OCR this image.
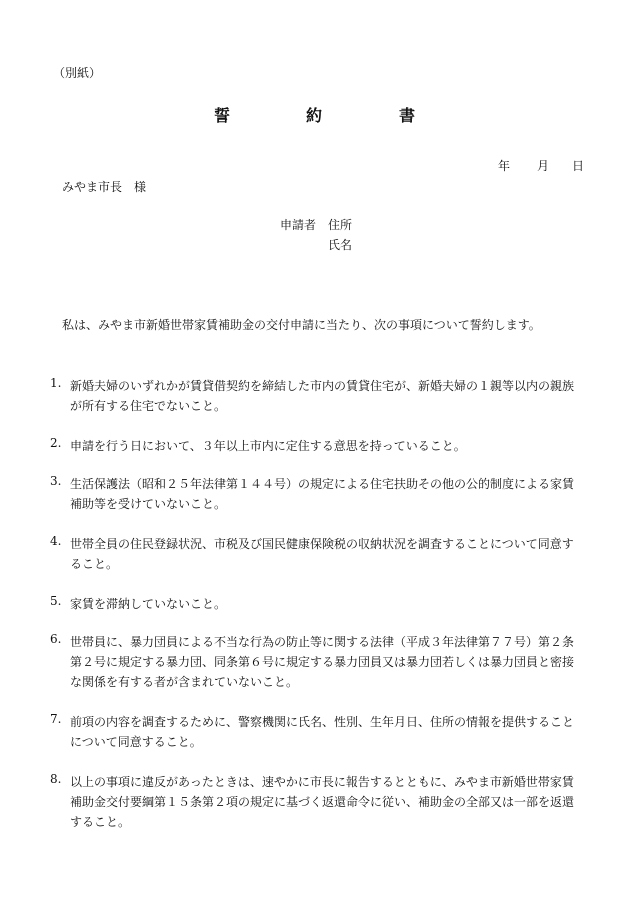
（別紙）
誓	約	書
年 月 日
みやま市長　様
申請者 住所
氏名
私は、みやま市新婚世帯家賃補助金の交付申請に当たり、次の事項について誓約します。
1. 新婚夫婦のいずれかが賃貸借契約を締結した市内の賃貸住宅が、新婚夫婦の１親等以内の親族
が所有する住宅でないこと。
2. 申請を行う日において、３年以上市内に定住する意思を持っていること。
3. 生活保護法（昭和２５年法律第１４４号）の規定による住宅扶助その他の公的制度による家賃
補助等を受けていないこと。
4. 世帯全員の住民登録状況、市税及び国民健康保険税の収納状況を調査することについて同意す
ること。
5. 家賃を滞納していないこと。
6. 世帯員に、暴力団員による不当な行為の防止等に関する法律（平成３年法律第７７号）第２条
第２号に規定する暴力団、同条第６号に規定する暴力団員又は暴力団若しくは暴力団員と密接
な関係を有する者が含まれていないこと。
7. 前項の内容を調査するために、警察機関に氏名、性別、生年月日、住所の情報を提供すること
について同意すること。
8. 以上の事項に違反があったときは、速やかに市長に報告するとともに、みやま市新婚世帯家賃
補助金交付要綱第１５条第２項の規定に基づく返還命令に従い、補助金の全部又は一部を返還
すること。
